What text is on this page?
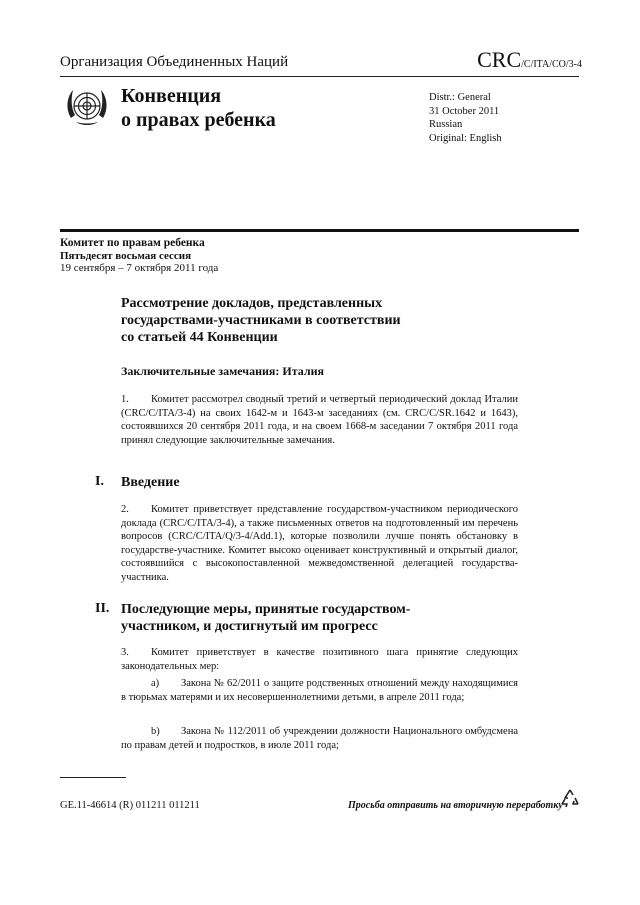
Организация Объединенных Наций	CRC/C/ITA/CO/3-4
Конвенция
о правах ребенка
Distr.: General
31 October 2011
Russian
Original: English
Комитет по правам ребенка
Пятьдесят восьмая сессия
19 сентября – 7 октября 2011 года
Рассмотрение докладов, представленных
государствами-участниками в соответствии
со статьей 44 Конвенции
Заключительные замечания: Италия
1. Комитет рассмотрел сводный третий и четвертый периодический доклад Италии (CRC/C/ITA/3-4) на своих 1642-м и 1643-м заседаниях (см. CRC/C/SR.1642 и 1643), состоявшихся 20 сентября 2011 года, и на своем 1668-м заседании 7 октября 2011 года принял следующие заключительные замечания.
I. Введение
2. Комитет приветствует представление государством-участником периодического доклада (CRC/C/ITA/3-4), а также письменных ответов на подготовленный им перечень вопросов (CRC/C/ITA/Q/3-4/Add.1), которые позволили лучше понять обстановку в государстве-участнике. Комитет высоко оценивает конструктивный и открытый диалог, состоявшийся с высокопоставленной межведомственной делегацией государства-участника.
II. Последующие меры, принятые государством-
участником, и достигнутый им прогресс
3. Комитет приветствует в качестве позитивного шага принятие следующих законодательных мер:
a) Закона № 62/2011 о защите родственных отношений между находящимися в тюрьмах матерями и их несовершеннолетними детьми, в апреле 2011 года;
b) Закона № 112/2011 об учреждении должности Национального омбудсмена по правам детей и подростков, в июле 2011 года;
GE.11-46614 (R) 011211 011211	Просьба отправить на вторичную переработку
